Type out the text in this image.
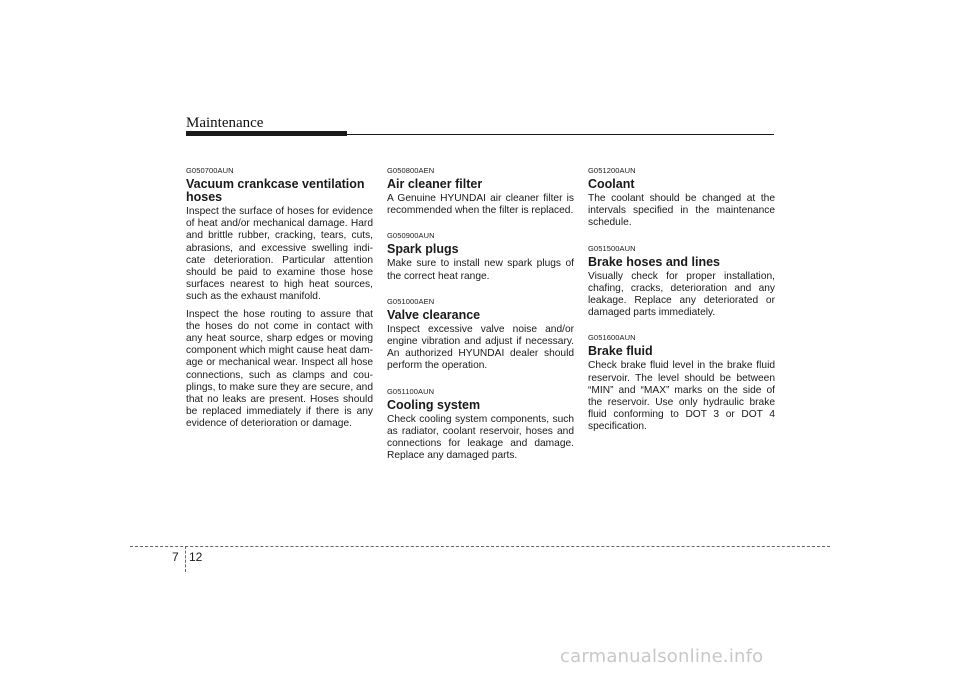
Maintenance

G050700AUN

Vacuum crankcase ventilation hoses

Inspect the surface of hoses for evidence of heat and/or mechanical damage. Hard and brittle rubber, cracking, tears, cuts, abrasions, and excessive swelling indi-cate deterioration. Particular attention should be paid to examine those hose surfaces nearest to high heat sources, such as the exhaust manifold.

Inspect the hose routing to assure that the hoses do not come in contact with any heat source, sharp edges or moving component which might cause heat dam-age or mechanical wear. Inspect all hose connections, such as clamps and cou-plings, to make sure they are secure, and that no leaks are present. Hoses should be replaced immediately if there is any evidence of deterioration or damage.

G050800AEN

Air cleaner filter

A Genuine HYUNDAI air cleaner filter is recommended when the filter is replaced.

G050900AUN

Spark plugs

Make sure to install new spark plugs of the correct heat range.

G051000AEN

Valve clearance

Inspect excessive valve noise and/or engine vibration and adjust if necessary. An authorized HYUNDAI dealer should perform the operation.

G051100AUN

Cooling system

Check cooling system components, such as radiator, coolant reservoir, hoses and connections for leakage and damage. Replace any damaged parts.

G051200AUN

Coolant

The coolant should be changed at the intervals specified in the maintenance schedule.

G051500AUN

Brake hoses and lines

Visually check for proper installation, chafing, cracks, deterioration and any leakage. Replace any deteriorated or damaged parts immediately.

G051600AUN

Brake fluid

Check brake fluid level in the brake fluid reservoir. The level should be between “MIN” and “MAX” marks on the side of the reservoir. Use only hydraulic brake fluid conforming to DOT 3 or DOT 4 specification.

7 12
carmanualsonline.info
